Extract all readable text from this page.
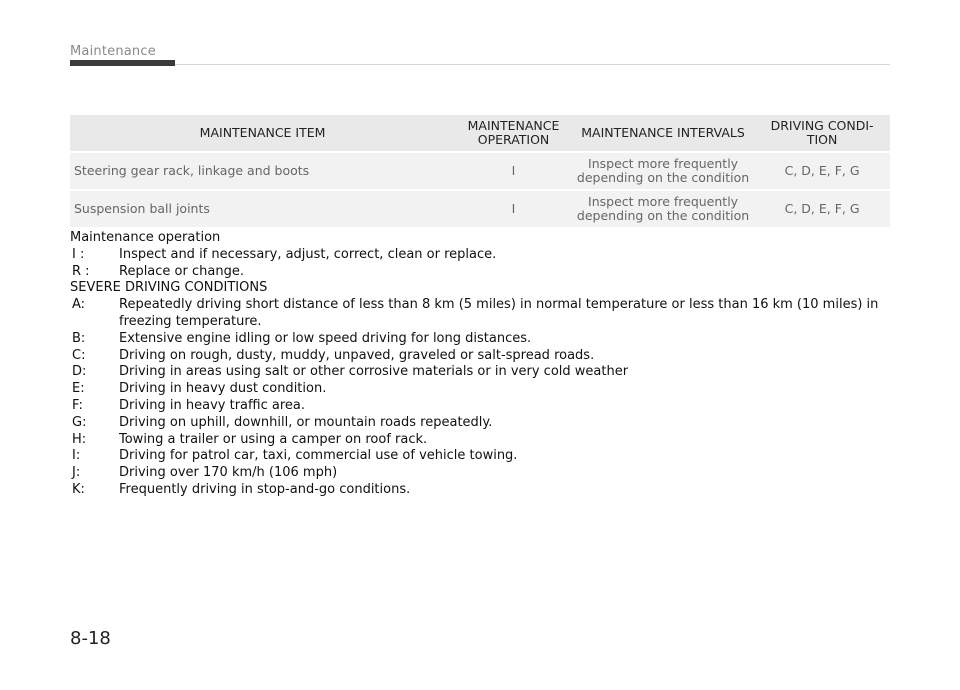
Maintenance
MAINTENANCE ITEM	MAINTENANCE OPERATION	MAINTENANCE INTERVALS	DRIVING CONDI-TION
Steering gear rack, linkage and boots	I	Inspect more frequently depending on the condition	C, D, E, F, G
Suspension ball joints	I	Inspect more frequently depending on the condition	C, D, E, F, G
Maintenance operation
I :	Inspect and if necessary, adjust, correct, clean or replace.
R :	Replace or change.
SEVERE DRIVING CONDITIONS
A:	Repeatedly driving short distance of less than 8 km (5 miles) in normal temperature or less than 16 km (10 miles) in freezing temperature.
B:	Extensive engine idling or low speed driving for long distances.
C:	Driving on rough, dusty, muddy, unpaved, graveled or salt-spread roads.
D:	Driving in areas using salt or other corrosive materials or in very cold weather
E:	Driving in heavy dust condition.
F:	Driving in heavy traffic area.
G:	Driving on uphill, downhill, or mountain roads repeatedly.
H:	Towing a trailer or using a camper on roof rack.
I:	Driving for patrol car, taxi, commercial use of vehicle towing.
J:	Driving over 170 km/h (106 mph)
K:	Frequently driving in stop-and-go conditions.
8-18
